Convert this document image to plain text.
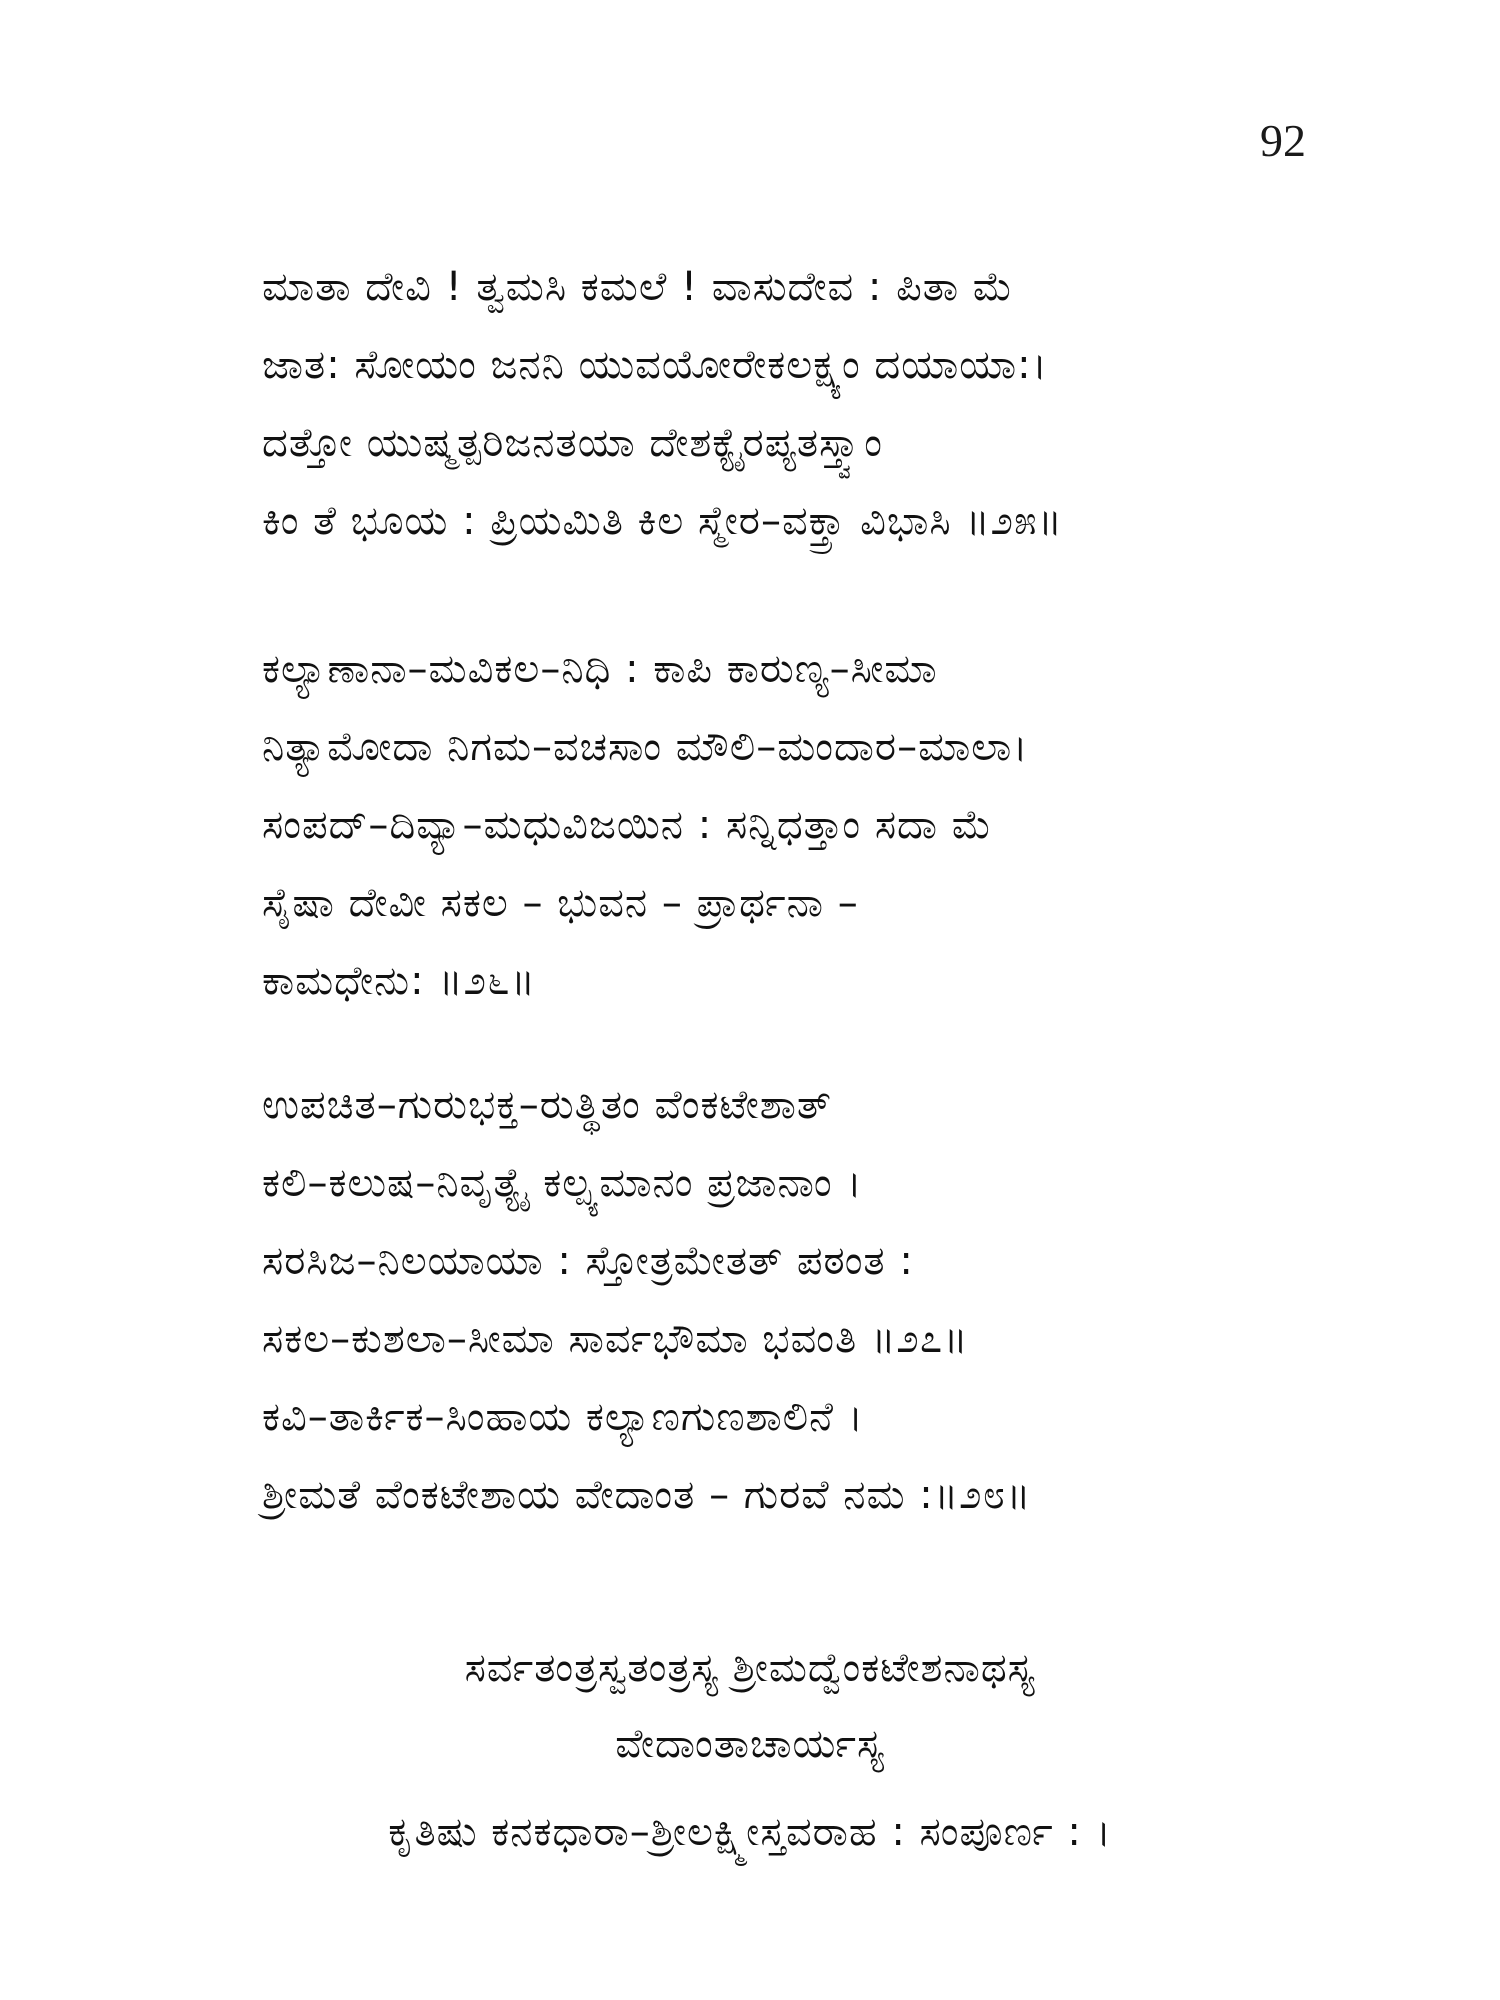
92
ಮಾತಾ ದೇವಿ ! ತ್ವಮಸಿ ಕಮಲೆ ! ವಾಸುದೇವ : ಪಿತಾ ಮೆ
ಜಾತ: ಸೋಯಂ ಜನನಿ ಯುವಯೋರೇಕಲಕ್ಷ್ಯಂ ದಯಾಯಾ:।
ದತ್ತೋ ಯುಷ್ಮತ್ಪರಿಜನತಯಾ ದೇಶಕ್ಯೈರಪ್ಯತಸ್ತ್ವಾಂ
ಕಿಂ ತೆ ಭೂಯ : ಪ್ರಿಯಮಿತಿ ಕಿಲ ಸ್ಮೇರ–ವಕ್ತ್ರಾ ವಿಭಾಸಿ ॥೨೫॥
ಕಲ್ಯಾಣಾನಾ–ಮವಿಕಲ–ನಿಧಿ : ಕಾಪಿ ಕಾರುಣ್ಯ–ಸೀಮಾ
ನಿತ್ಯಾಮೋದಾ ನಿಗಮ–ವಚಸಾಂ ಮೌಲಿ–ಮಂದಾರ–ಮಾಲಾ।
ಸಂಪದ್–ದಿವ್ಯಾ–ಮಧುವಿಜಯಿನ : ಸನ್ನಿಧತ್ತಾಂ ಸದಾ ಮೆ
ಸೈಷಾ ದೇವೀ ಸಕಲ – ಭುವನ – ಪ್ರಾರ್ಥನಾ –
ಕಾಮಧೇನು: ॥೨೬॥
ಉಪಚಿತ–ಗುರುಭಕ್ತ–ರುತ್ಥಿತಂ ವೆಂಕಟೇಶಾತ್
ಕಲಿ–ಕಲುಷ–ನಿವೃತ್ಯೈ ಕಲ್ಪ್ಯಮಾನಂ ಪ್ರಜಾನಾಂ ।
ಸರಸಿಜ–ನಿಲಯಾಯಾ : ಸ್ತೋತ್ರಮೇತತ್ ಪಠಂತ :
ಸಕಲ–ಕುಶಲಾ–ಸೀಮಾ ಸಾರ್ವಭೌಮಾ ಭವಂತಿ ॥೨೭॥
ಕವಿ–ತಾರ್ಕಿಕ–ಸಿಂಹಾಯ ಕಲ್ಯಾಣಗುಣಶಾಲಿನೆ ।
ಶ್ರೀಮತೆ ವೆಂಕಟೇಶಾಯ ವೇದಾಂತ – ಗುರವೆ ನಮ :॥೨೮॥
ಸರ್ವತಂತ್ರಸ್ವತಂತ್ರಸ್ಯ ಶ್ರೀಮದ್ವೆಂಕಟೇಶನಾಥಸ್ಯ
ವೇದಾಂತಾಚಾರ್ಯಸ್ಯ
ಕೃತಿಷು ಕನಕಧಾರಾ–ಶ್ರೀಲಕ್ಷ್ಮೀಸ್ತವರಾಹ : ಸಂಪೂರ್ಣ : ।
